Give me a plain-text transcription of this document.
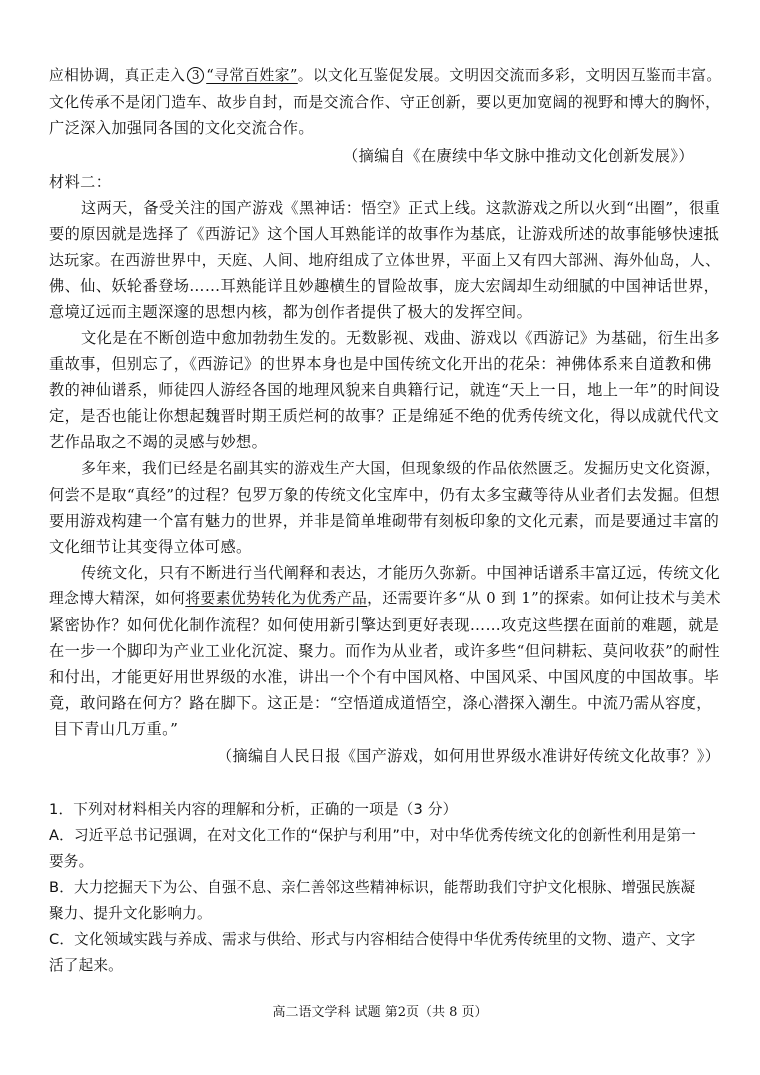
应相协调，真正走入 3 “寻常百姓家”。以文化互鉴促发展。文明因交流而多彩，文明因互鉴而丰富。
文化传承不是闭门造车、故步自封，而是交流合作、守正创新，要以更加宽阔的视野和博大的胸怀，
广泛深入加强同各国的文化交流合作。
（摘编自《在赓续中华文脉中推动文化创新发展》）
材料二：
这两天，备受关注的国产游戏《黑神话：悟空》正式上线。这款游戏之所以火到“出圈”，很重
要的原因就是选择了《西游记》这个国人耳熟能详的故事作为基底，让游戏所述的故事能够快速抵
达玩家。在西游世界中，天庭、人间、地府组成了立体世界，平面上又有四大部洲、海外仙岛，人、
佛、仙、妖轮番登场……耳熟能详且妙趣横生的冒险故事，庞大宏阔却生动细腻的中国神话世界，
意境辽远而主题深邃的思想内核，都为创作者提供了极大的发挥空间。
文化是在不断创造中愈加勃勃生发的。无数影视、戏曲、游戏以《西游记》为基础，衍生出多
重故事，但别忘了，《西游记》的世界本身也是中国传统文化开出的花朵：神佛体系来自道教和佛
教的神仙谱系，师徒四人游经各国的地理风貌来自典籍行记，就连“天上一日，地上一年”的时间设
定，是否也能让你想起魏晋时期王质烂柯的故事？正是绵延不绝的优秀传统文化，得以成就代代文
艺作品取之不竭的灵感与妙想。
多年来，我们已经是名副其实的游戏生产大国，但现象级的作品依然匮乏。发掘历史文化资源，
何尝不是取“真经”的过程？包罗万象的传统文化宝库中，仍有太多宝藏等待从业者们去发掘。但想
要用游戏构建一个富有魅力的世界，并非是简单堆砌带有刻板印象的文化元素，而是要通过丰富的
文化细节让其变得立体可感。
传统文化，只有不断进行当代阐释和表达，才能历久弥新。中国神话谱系丰富辽远，传统文化
理念博大精深，如何将要素优势转化为优秀产品，还需要许多“从 0 到 1”的探索。如何让技术与美术
紧密协作？如何优化制作流程？如何使用新引擎达到更好表现……攻克这些摆在面前的难题，就是
在一步一个脚印为产业工业化沉淀、聚力。而作为从业者，或许多些“但问耕耘、莫问收获”的耐性
和付出，才能更好用世界级的水准，讲出一个个有中国风格、中国风采、中国风度的中国故事。毕
竟，敢问路在何方？路在脚下。这正是：“空悟道成道悟空，涤心潜探入潮生。中流乃需从容度，
目下青山几万重。”
（摘编自人民日报《国产游戏，如何用世界级水准讲好传统文化故事？》）
1．下列对材料相关内容的理解和分析，正确的一项是（3 分）
A．习近平总书记强调，在对文化工作的“保护与利用”中，对中华优秀传统文化的创新性利用是第一
要务。
B．大力挖掘天下为公、自强不息、亲仁善邻这些精神标识，能帮助我们守护文化根脉、增强民族凝
聚力、提升文化影响力。
C．文化领域实践与养成、需求与供给、形式与内容相结合使得中华优秀传统里的文物、遗产、文字
活了起来。
高二语文学科 试题 第2页（共 8 页）
